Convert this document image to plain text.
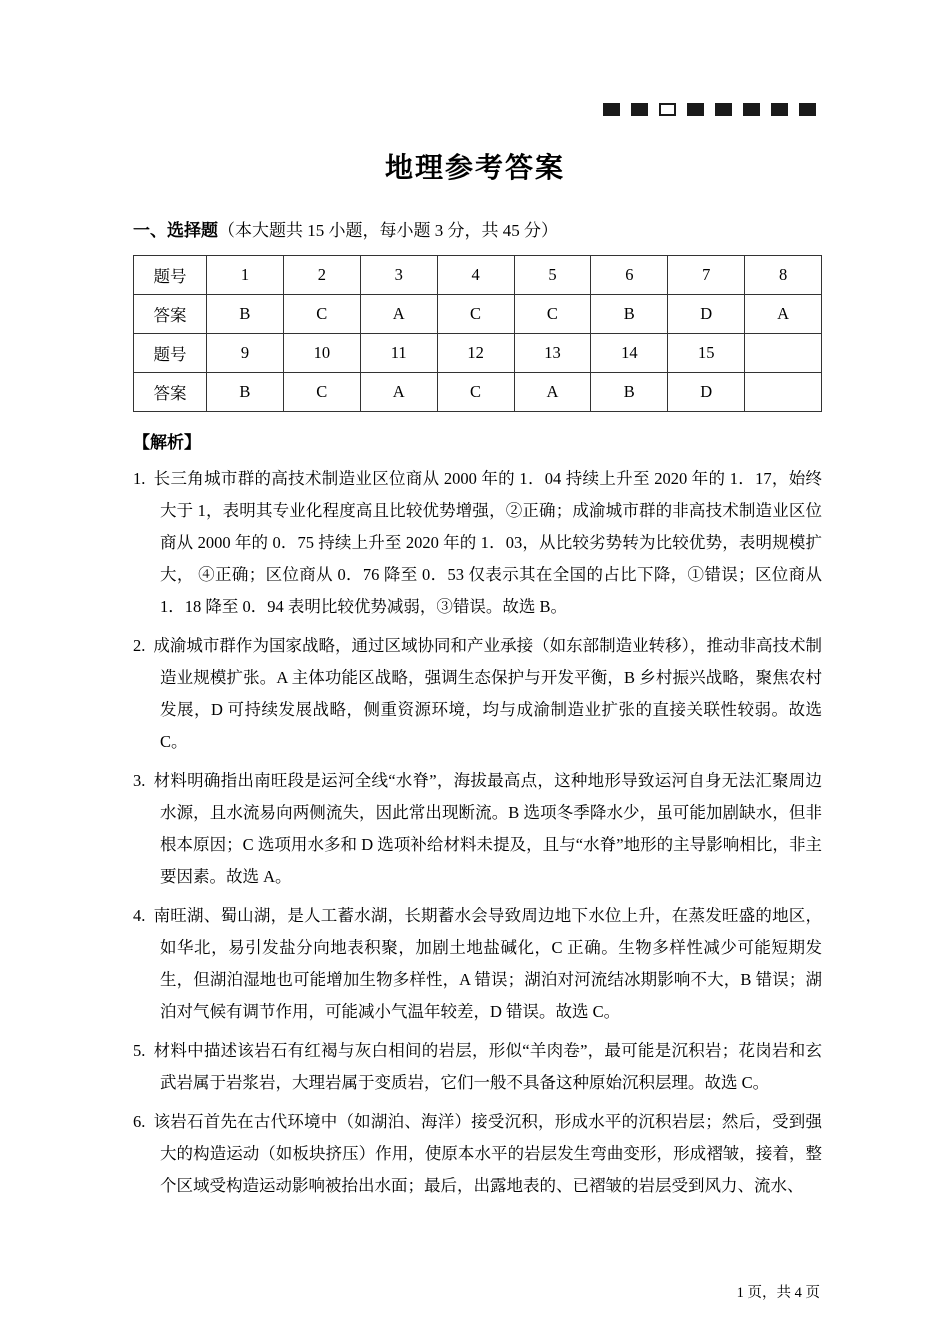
地理参考答案
一、选择题（本大题共 15 小题，每小题 3 分，共 45 分）
题号	1	2	3	4	5	6	7	8
答案	B	C	A	C	C	B	D	A
题号	9	10	11	12	13	14	15	
答案	B	C	A	C	A	B	D	
【解析】
1. 长三角城市群的高技术制造业区位商从 2000 年的 1．04 持续上升至 2020 年的 1．17，始终大于 1，表明其专业化程度高且比较优势增强，②正确；成渝城市群的非高技术制造业区位商从 2000 年的 0．75 持续上升至 2020 年的 1．03，从比较劣势转为比较优势，表明规模扩大， ④正确；区位商从 0．76 降至 0．53 仅表示其在全国的占比下降，①错误；区位商从 1．18 降至 0．94 表明比较优势减弱，③错误。故选 B。
2. 成渝城市群作为国家战略，通过区域协同和产业承接（如东部制造业转移），推动非高技术制造业规模扩张。A 主体功能区战略，强调生态保护与开发平衡，B 乡村振兴战略，聚焦农村发展，D 可持续发展战略，侧重资源环境，均与成渝制造业扩张的直接关联性较弱。故选 C。
3. 材料明确指出南旺段是运河全线“水脊”，海拔最高点，这种地形导致运河自身无法汇聚周边水源，且水流易向两侧流失，因此常出现断流。B 选项冬季降水少，虽可能加剧缺水，但非根本原因；C 选项用水多和 D 选项补给材料未提及，且与“水脊”地形的主导影响相比，非主要因素。故选 A。
4. 南旺湖、蜀山湖，是人工蓄水湖，长期蓄水会导致周边地下水位上升，在蒸发旺盛的地区，如华北，易引发盐分向地表积聚，加剧土地盐碱化，C 正确。生物多样性减少可能短期发生，但湖泊湿地也可能增加生物多样性，A 错误；湖泊对河流结冰期影响不大，B 错误；湖泊对气候有调节作用，可能减小气温年较差，D 错误。故选 C。
5. 材料中描述该岩石有红褐与灰白相间的岩层，形似“羊肉卷”，最可能是沉积岩；花岗岩和玄武岩属于岩浆岩，大理岩属于变质岩，它们一般不具备这种原始沉积层理。故选 C。
6. 该岩石首先在古代环境中（如湖泊、海洋）接受沉积，形成水平的沉积岩层；然后，受到强大的构造运动（如板块挤压）作用，使原本水平的岩层发生弯曲变形，形成褶皱，接着，整个区域受构造运动影响被抬出水面；最后，出露地表的、已褶皱的岩层受到风力、流水、
1 页，共 4 页
